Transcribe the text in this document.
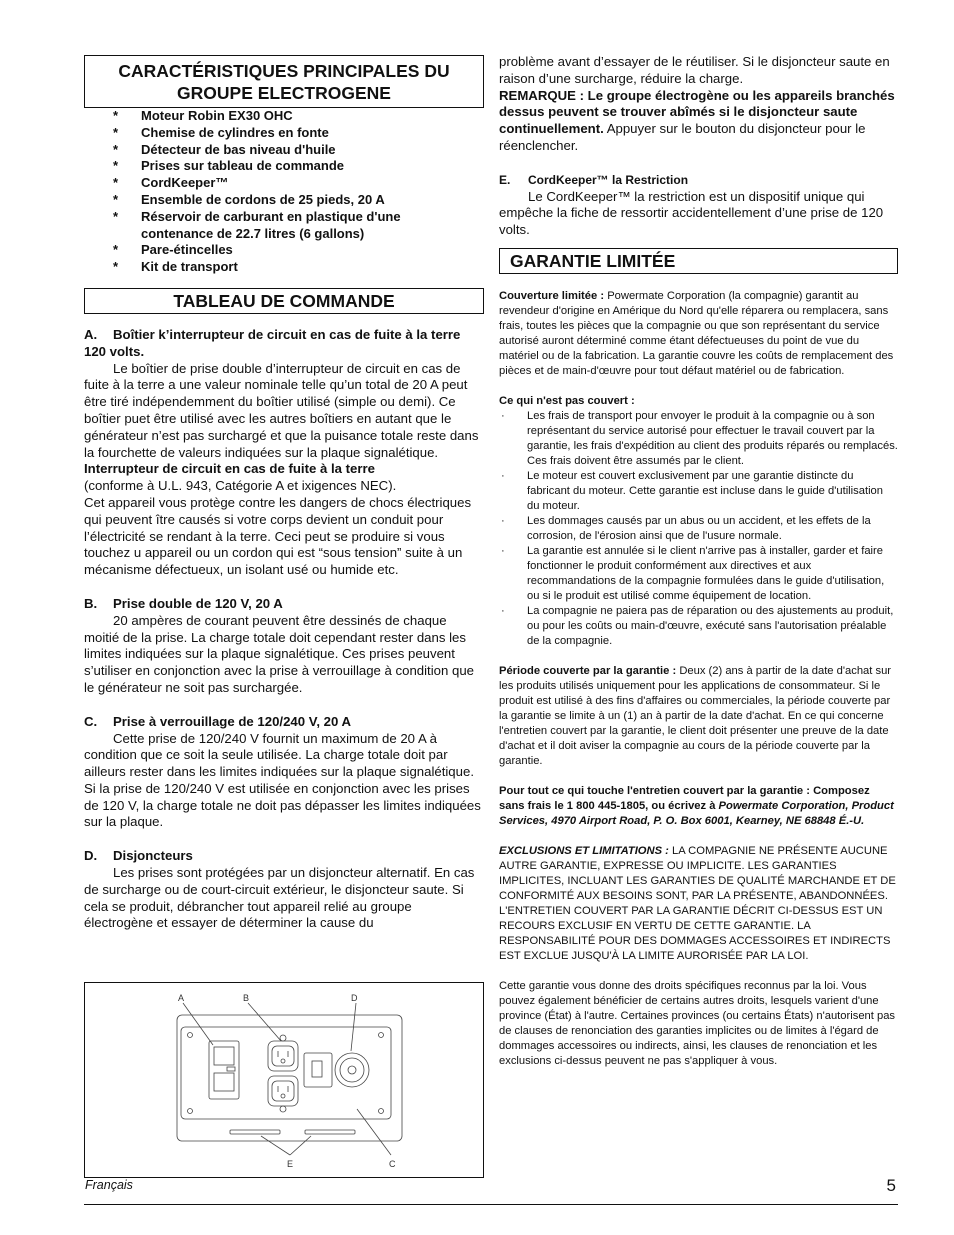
CARACTÉRISTIQUES PRINCIPALES DU
GROUPE ELECTROGENE
* Moteur Robin EX30 OHC
* Chemise de cylindres en fonte
* Détecteur de bas niveau d'huile
* Prises sur tableau de commande
* CordKeeper™
* Ensemble de cordons de 25 pieds, 20 A
* Réservoir de carburant en plastique d'une contenance de 22.7 litres (6 gallons)
* Pare-étincelles
* Kit de transport
TABLEAU DE COMMANDE

A. Boîtier k’interrupteur de circuit en cas de fuite à la terre 120 volts.

Le boîtier de prise double d’interrupteur de circuit en cas de fuite à la terre a une valeur nominale telle qu’un total de 20 A peut être tiré indépendemment du boîtier utilisé (simple ou demi). Ce boîtier puet être utilisé avec les autres boîtiers en autant que le générateur n’est pas surchargé et que la puisance totale reste dans la fourchette de valeurs indiquées sur la plaque signalétique.

Interrupteur de circuit en cas de fuite à la terre
(conforme à U.L. 943, Catégorie A et ixigences NEC).

Cet appareil vous protège contre les dangers de chocs électriques qui peuvent ître causés si votre corps devient un conduit pour l’électricité se rendant à la terre. Ceci peut se produire si vous touchez u appareil ou un cordon qui est “sous tension” suite à un mécanisme défectueux, un isolant usé ou humide etc.

B. Prise double de 120 V, 20 A

20 ampères de courant peuvent être dessinés de chaque moitié de la prise. La charge totale doit cependant rester dans les limites indiquées sur la plaque signalétique. Ces prises peuvent s’utiliser en conjonction avec la prise à verrouillage à condition que le générateur ne soit pas surchargée.

C. Prise à verrouillage de 120/240 V, 20 A

Cette prise de 120/240 V fournit un maximum de 20 A à condition que ce soit la seule utilisée. La charge totale doit par ailleurs rester dans les limites indiquées sur la plaque signalétique. Si la prise de 120/240 V est utilisée en conjonction avec les prises de 120 V, la charge totale ne doit pas dépasser les limites indiquées sur la plaque.

D. Disjoncteurs

Les prises sont protégées par un disjoncteur alternatif. En cas de surcharge ou de court-circuit extérieur, le disjoncteur saute. Si cela se produit, débrancher tout appareil relié au groupe électrogène et essayer de déterminer la cause du

A	B	D
E	C

problème avant d’essayer de le réutiliser. Si le disjoncteur saute en raison d’une surcharge, réduire la charge.

REMARQUE : Le groupe électrogène ou les appareils branchés dessus peuvent se trouver abîmés si le disjoncteur saute continuellement. Appuyer sur le bouton du disjoncteur pour le réenclencher.

E. CordKeeper™ la Restriction

Le CordKeeper™ la restriction est un dispositif unique qui empêche la fiche de ressortir accidentellement d’une prise de 120 volts.

GARANTIE LIMITÉE

Couverture limitée : Powermate Corporation (la compagnie) garantit au revendeur d'origine en Amérique du Nord qu'elle réparera ou remplacera, sans frais, toutes les pièces que la compagnie ou que son représentant du service autorisé auront déterminé comme étant défectueuses du point de vue du matériel ou de la fabrication. La garantie couvre les coûts de remplacement des pièces et de main-d'œuvre pour tout défaut matériel ou de fabrication.

Ce qui n'est pas couvert :

· Les frais de transport pour envoyer le produit à la compagnie ou à son représentant du service autorisé pour effectuer le travail couvert par la garantie, les frais d'expédition au client des produits réparés ou remplacés. Ces frais doivent être assumés par le client.
· Le moteur est couvert exclusivement par une garantie distincte du fabricant du moteur. Cette garantie est incluse dans le guide d'utilisation du moteur.
· Les dommages causés par un abus ou un accident, et les effets de la corrosion, de l'érosion ainsi que de l'usure normale.
· La garantie est annulée si le client n'arrive pas à installer, garder et faire fonctionner le produit conformément aux directives et aux recommandations de la compagnie formulées dans le guide d'utilisation, ou si le produit est utilisé comme équipement de location.
· La compagnie ne paiera pas de réparation ou des ajustements au produit, ou pour les coûts ou main-d'œuvre, exécuté sans l'autorisation préalable de la compagnie.

Période couverte par la garantie : Deux (2) ans à partir de la date d'achat sur les produits utilisés uniquement pour les applications de consommateur. Si le produit est utilisé à des fins d'affaires ou commerciales, la période couverte par la garantie se limite à un (1) an à partir de la date d'achat. En ce qui concerne l'entretien couvert par la garantie, le client doit présenter une preuve de la date d'achat et il doit aviser la compagnie au cours de la période couverte par la garantie.

Pour tout ce qui touche l'entretien couvert par la garantie : Composez sans frais le 1 800 445-1805, ou écrivez à Powermate Corporation, Product Services, 4970 Airport Road, P. O. Box 6001, Kearney, NE 68848 É.-U.

EXCLUSIONS ET LIMITATIONS : LA COMPAGNIE NE PRÉSENTE AUCUNE AUTRE GARANTIE, EXPRESSE OU IMPLICITE. LES GARANTIES IMPLICITES, INCLUANT LES GARANTIES DE QUALITÉ MARCHANDE ET DE CONFORMITÉ AUX BESOINS SONT, PAR LA PRÉSENTE, ABANDONNÉES. L'ENTRETIEN COUVERT PAR LA GARANTIE DÉCRIT CI-DESSUS EST UN RECOURS EXCLUSIF EN VERTU DE CETTE GARANTIE. LA RESPONSABILITÉ POUR DES DOMMAGES ACCESSOIRES ET INDIRECTS EST EXCLUE JUSQU'À LA LIMITE AURORISÉE PAR LA LOI.

Cette garantie vous donne des droits spécifiques reconnus par la loi. Vous pouvez également bénéficier de certains autres droits, lesquels varient d'une province (État) à l'autre. Certaines provinces (ou certains États) n'autorisent pas de clauses de renonciation des garanties implicites ou de limites à l'égard de dommages accessoires ou indirects, ainsi, les clauses de renonciation et les exclusions ci-dessus peuvent ne pas s'appliquer à vous.

Français	5
